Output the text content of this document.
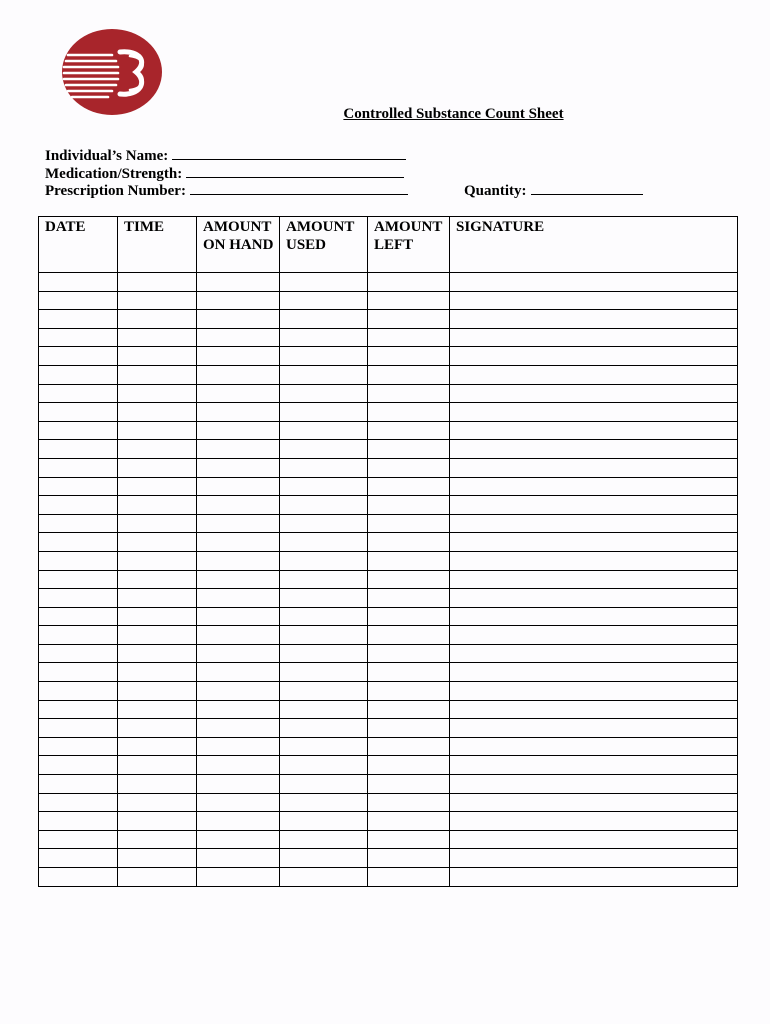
Controlled Substance Count Sheet
Individual’s Name:
Medication/Strength:
Prescription Number:	Quantity:
DATE	TIME	AMOUNT ON HAND	AMOUNT USED	AMOUNT LEFT	SIGNATURE
